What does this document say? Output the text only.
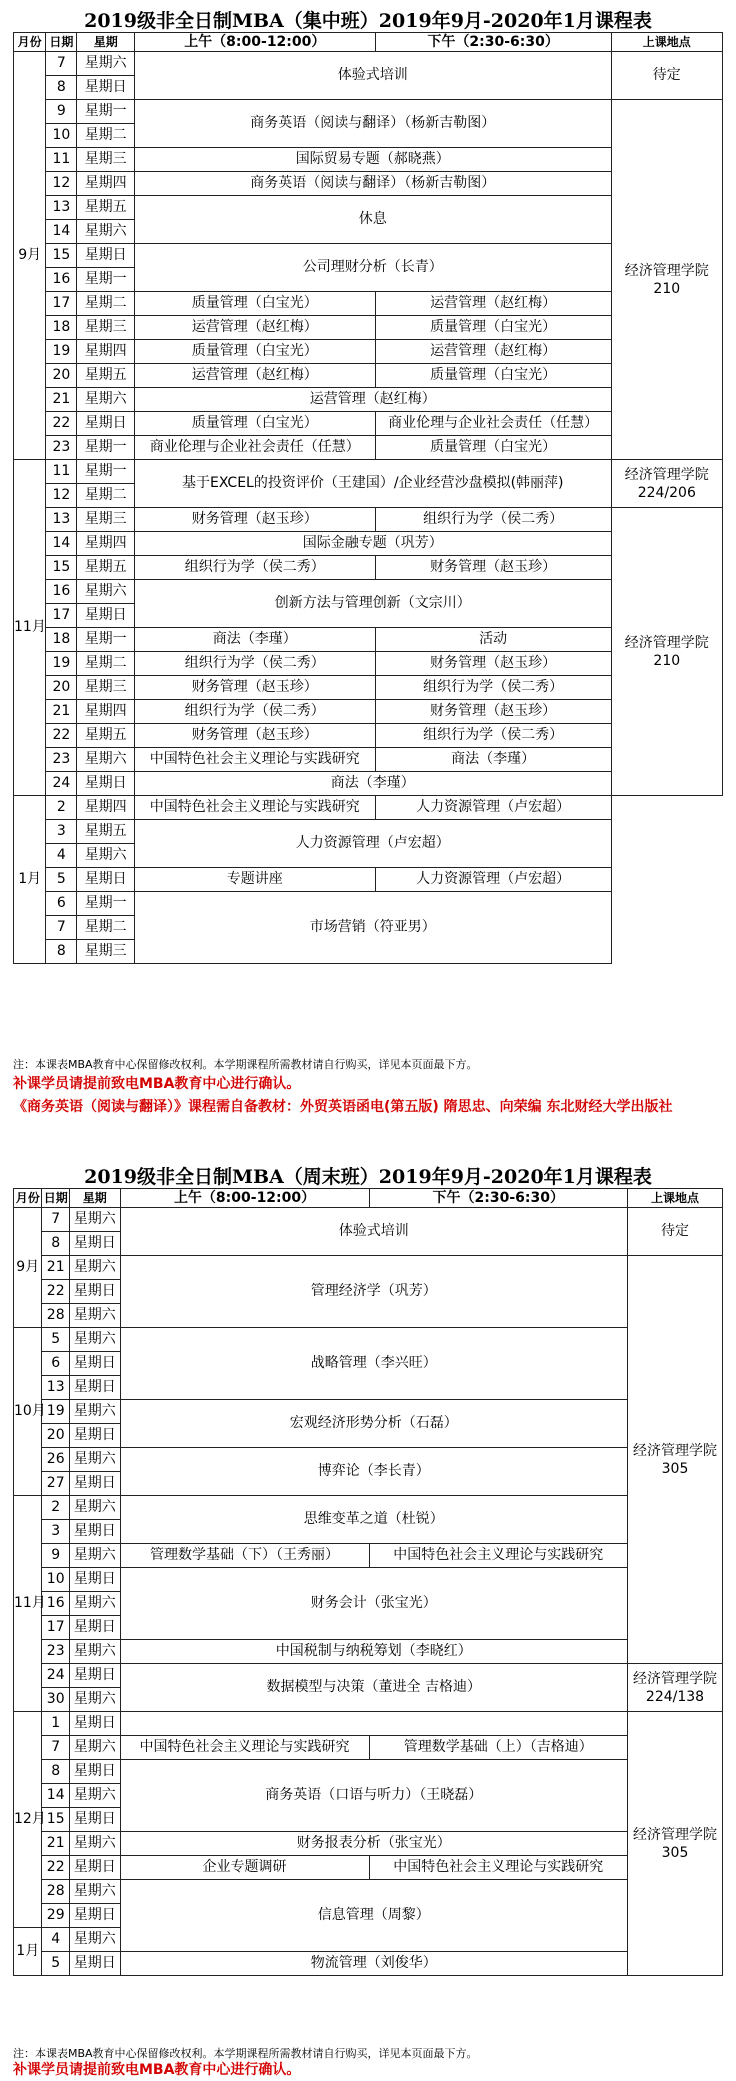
2019级非全日制MBA（集中班）2019年9月-2020年1月课程表
月份	日期	星期	上午（8:00-12:00）	下午（2:30-6:30）	上课地点
9月	7	星期六	体验式培训		待定
	8	星期日			
	9	星期一	商务英语（阅读与翻译）（杨新吉勒图）		经济管理学院210
	10	星期二			
	11	星期三	国际贸易专题（郝晓燕）		
	12	星期四	商务英语（阅读与翻译）（杨新吉勒图）		
	13	星期五	休息		
	14	星期六			
	15	星期日	公司理财分析（长青）		
	16	星期一			
	17	星期二	质量管理（白宝光）	运营管理（赵红梅）	
	18	星期三	运营管理（赵红梅）	质量管理（白宝光）	
	19	星期四	质量管理（白宝光）	运营管理（赵红梅）	
	20	星期五	运营管理（赵红梅）	质量管理（白宝光）	
	21	星期六	运营管理（赵红梅）		
	22	星期日	质量管理（白宝光）	商业伦理与企业社会责任（任慧）	
	23	星期一	商业伦理与企业社会责任（任慧）	质量管理（白宝光）	
11月	11	星期一	基于EXCEL的投资评价（王建国）/企业经营沙盘模拟(韩丽萍)		经济管理学院224/206
	12	星期二			
	13	星期三	财务管理（赵玉珍）	组织行为学（侯二秀）	经济管理学院210
	14	星期四	国际金融专题（巩芳）		
	15	星期五	组织行为学（侯二秀）	财务管理（赵玉珍）	
	16	星期六	创新方法与管理创新（文宗川）		
	17	星期日			
	18	星期一	商法（李瑾）	活动	
	19	星期二	组织行为学（侯二秀）	财务管理（赵玉珍）	
	20	星期三	财务管理（赵玉珍）	组织行为学（侯二秀）	
	21	星期四	组织行为学（侯二秀）	财务管理（赵玉珍）	
	22	星期五	财务管理（赵玉珍）	组织行为学（侯二秀）	
	23	星期六	中国特色社会主义理论与实践研究	商法（李瑾）	
	24	星期日	商法（李瑾）		
1月	2	星期四	中国特色社会主义理论与实践研究	人力资源管理（卢宏超）	
	3	星期五	人力资源管理（卢宏超）		
	4	星期六			
	5	星期日	专题讲座	人力资源管理（卢宏超）	
	6	星期一	市场营销（符亚男）		
	7	星期二			
	8	星期三			
注：本课表MBA教育中心保留修改权利。本学期课程所需教材请自行购买，详见本页面最下方。
补课学员请提前致电MBA教育中心进行确认。
《商务英语（阅读与翻译）》课程需自备教材：外贸英语函电(第五版) 隋思忠、向荣编 东北财经大学出版社
2019级非全日制MBA（周末班）2019年9月-2020年1月课程表
月份	日期	星期	上午（8:00-12:00）	下午（2:30-6:30）	上课地点
9月	7	星期六	体验式培训		待定
	8	星期日			
	21	星期六	管理经济学（巩芳）		经济管理学院305
	22	星期日			
	28	星期六			
10月	5	星期六	战略管理（李兴旺）		
	6	星期日			
	13	星期日			
	19	星期六	宏观经济形势分析（石磊）		
	20	星期日			
	26	星期六	博弈论（李长青）		
	27	星期日			
11月	2	星期六	思维变革之道（杜锐）		
	3	星期日			
	9	星期六	管理数学基础（下）（王秀丽）	中国特色社会主义理论与实践研究	
	10	星期日	财务会计（张宝光）		
	16	星期六			
	17	星期日			
	23	星期六	中国税制与纳税筹划（李晓红）		
	24	星期日	数据模型与决策（董进全 吉格迪）		经济管理学院224/138
	30	星期六			
12月	1	星期日			经济管理学院305
	7	星期六	中国特色社会主义理论与实践研究	管理数学基础（上）（吉格迪）	
	8	星期日	商务英语（口语与听力）（王晓磊）		
	14	星期六			
	15	星期日			
	21	星期六	财务报表分析（张宝光）		
	22	星期日	企业专题调研	中国特色社会主义理论与实践研究	
	28	星期六	信息管理（周黎）		
	29	星期日			
1月	4	星期六			
	5	星期日	物流管理（刘俊华）		
注：本课表MBA教育中心保留修改权利。本学期课程所需教材请自行购买，详见本页面最下方。
补课学员请提前致电MBA教育中心进行确认。
